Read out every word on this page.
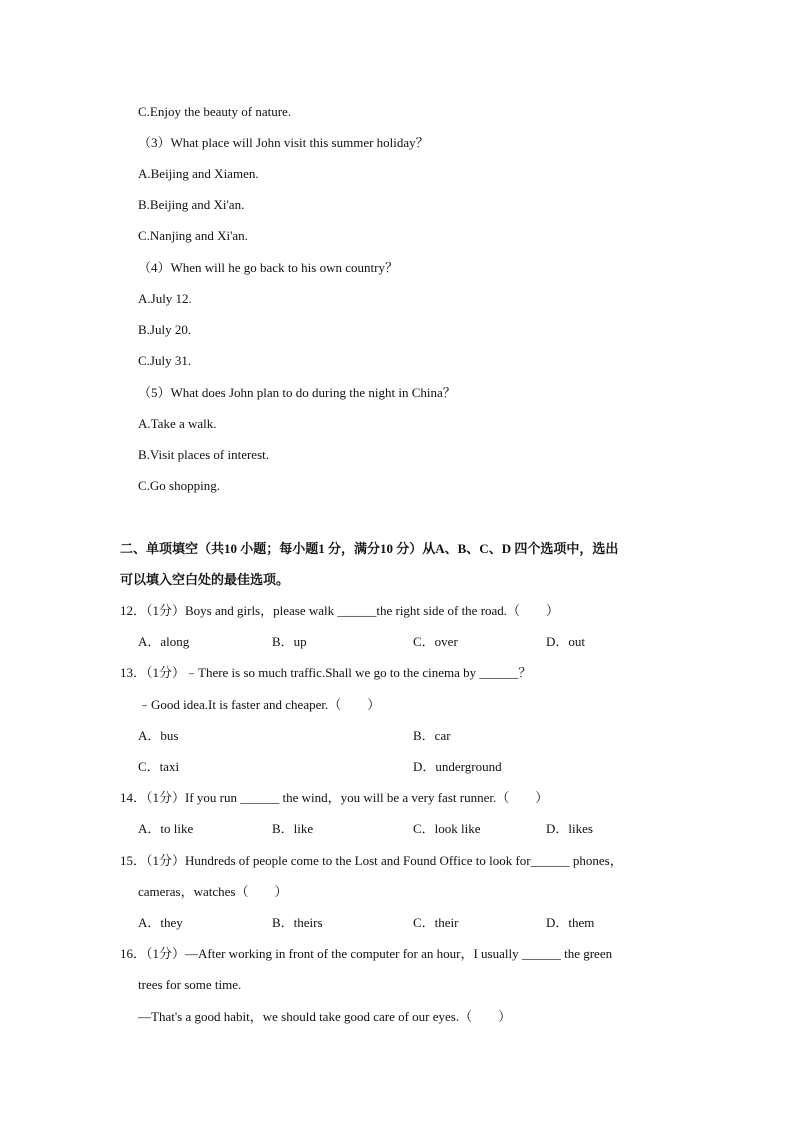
C.Enjoy the beauty of nature.
（3）What place will John visit this summer holiday？
A.Beijing and Xiamen.
B.Beijing and Xi'an.
C.Nanjing and Xi'an.
（4）When will he go back to his own country？
A.July 12.
B.July 20.
C.July 31.
（5）What does John plan to do during the night in China？
A.Take a walk.
B.Visit places of interest.
C.Go shopping.
二、单项填空（共10 小题；每小题1 分，满分10 分）从A、B、C、D 四个选项中，选出
可以填入空白处的最佳选项。
12．（1分）Boys and girls，please walk ______the right side of the road.（　　）
A．along	B．up	C．over	D．out
13．（1分）﹣There is so much traffic.Shall we go to the cinema by ______？
﹣Good idea.It is faster and cheaper.（　　）
A．bus	B．car
C．taxi	D．underground
14．（1分）If you run ______ the wind，you will be a very fast runner.（　　）
A．to like	B．like	C．look like	D．likes
15．（1分）Hundreds of people come to the Lost and Found Office to look for______ phones，
cameras，watches（　　）
A．they	B．theirs	C．their	D．them
16．（1分）—After working in front of the computer for an hour，I usually ______ the green
trees for some time.
—That's a good habit，we should take good care of our eyes.（　　）
